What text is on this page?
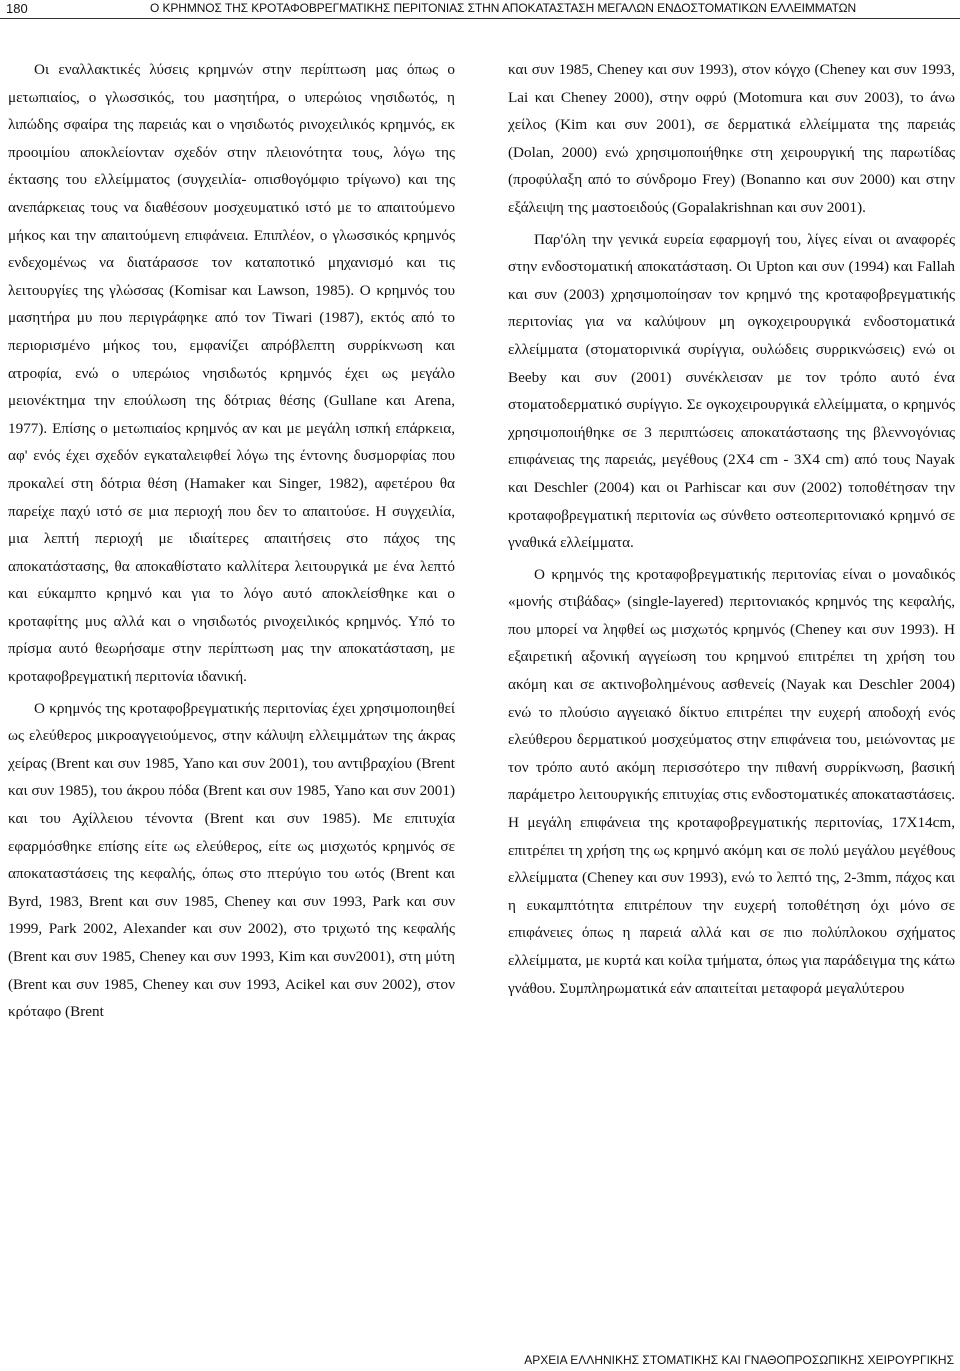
180	Ο ΚΡΗΜΝΟΣ ΤΗΣ ΚΡΟΤΑΦΟΒΡΕΓΜΑΤΙΚΗΣ ΠΕΡΙΤΟΝΙΑΣ ΣΤΗΝ ΑΠΟΚΑΤΑΣΤΑΣΗ ΜΕΓΑΛΩΝ ΕΝΔΟΣΤΟΜΑΤΙΚΩΝ ΕΛΛΕΙΜΜΑΤΩΝ

Οι εναλλακτικές λύσεις κρημνών στην περίπτωση μας όπως ο μετωπιαίος, ο γλωσσικός, του μασητήρα, ο υπερώιος νησιδωτός, η λιπώδης σφαίρα της παρειάς και ο νησιδωτός ρινοχειλικός κρημνός, εκ προοιμίου αποκλείονταν σχεδόν στην πλειονότητα τους, λόγω της έκτασης του ελλείμματος (συγχειλία- οπισθογόμφιο τρίγωνο) και της ανεπάρκειας τους να διαθέσουν μοσχευματικό ιστό με το απαιτούμενο μήκος και την απαιτούμενη επιφάνεια. Επιπλέον, ο γλωσσικός κρημνός ενδεχομένως να διατάρασσε τον καταποτικό μηχανισμό και τις λειτουργίες της γλώσσας (Komisar και Lawson, 1985). Ο κρημνός του μασητήρα μυ που περιγράφηκε από τον Tiwari (1987), εκτός από το περιορισμένο μήκος του, εμφανίζει απρόβλεπτη συρρίκνωση και ατροφία, ενώ ο υπερώιος νησιδωτός κρημνός έχει ως μεγάλο μειονέκτημα την επούλωση της δότριας θέσης (Gullane και Arena, 1977). Επίσης ο μετωπιαίος κρημνός αν και με μεγάλη ισπκή επάρκεια, αφ' ενός έχει σχεδόν εγκαταλειφθεί λόγω της έντονης δυσμορφίας που προκαλεί στη δότρια θέση (Hamaker και Singer, 1982), αφετέρου θα παρείχε παχύ ιστό σε μια περιοχή που δεν το απαιτούσε. Η συγχειλία, μια λεπτή περιοχή με ιδιαίτερες απαιτήσεις στο πάχος της αποκατάστασης, θα αποκαθίστατο καλλίτερα λειτουργικά με ένα λεπτό και εύκαμπτο κρημνό και για το λόγο αυτό αποκλείσθηκε και ο κροταφίτης μυς αλλά και ο νησιδωτός ρινοχειλικός κρημνός. Υπό το πρίσμα αυτό θεωρήσαμε στην περίπτωση μας την αποκατάσταση, με κροταφοβρεγματική περιτονία ιδανική.

Ο κρημνός της κροταφοβρεγματικής περιτονίας έχει χρησιμοποιηθεί ως ελεύθερος μικροαγγειούμενος, στην κάλυψη ελλειμμάτων της άκρας χείρας (Brent και συν 1985, Yano και συν 2001), του αντιβραχίου (Brent και συν 1985), του άκρου πόδα (Brent και συν 1985, Yano και συν 2001) και του Αχίλλειου τένοντα (Brent και συν 1985). Με επιτυχία εφαρμόσθηκε επίσης είτε ως ελεύθερος, είτε ως μισχωτός κρημνός σε αποκαταστάσεις της κεφαλής, όπως στο πτερύγιο του ωτός (Brent και Byrd, 1983, Brent και συν 1985, Cheney και συν 1993, Park και συν 1999, Park 2002, Alexander και συν 2002), στο τριχωτό της κεφαλής (Brent και συν 1985, Cheney και συν 1993, Kim και συν2001), στη μύτη (Brent και συν 1985, Cheney και συν 1993, Acikel και συν 2002), στον κρόταφο (Brent

και συν 1985, Cheney και συν 1993), στον κόγχο (Cheney και συν 1993, Lai και Cheney 2000), στην οφρύ (Motomura και συν 2003), το άνω χείλος (Kim και συν 2001), σε δερματικά ελλείμματα της παρειάς (Dolan, 2000) ενώ χρησιμοποιήθηκε στη χειρουργική της παρωτίδας (προφύλαξη από το σύνδρομο Frey) (Bonanno και συν 2000) και στην εξάλειψη της μαστοειδούς (Gopalakrishnan και συν 2001).

Παρ'όλη την γενικά ευρεία εφαρμογή του, λίγες είναι οι αναφορές στην ενδοστοματική αποκατάσταση. Οι Upton και συν (1994) και Fallah και συν (2003) χρησιμοποίησαν τον κρημνό της κροταφοβρεγματικής περιτονίας για να καλύψουν μη ογκοχειρουργικά ενδοστοματικά ελλείμματα (στοματορινικά συρίγγια, ουλώδεις συρρικνώσεις) ενώ οι Beeby και συν (2001) συνέκλεισαν με τον τρόπο αυτό ένα στοματοδερματικό συρίγγιο. Σε ογκοχειρουργικά ελλείμματα, ο κρημνός χρησιμοποιήθηκε σε 3 περιπτώσεις αποκατάστασης της βλεννογόνιας επιφάνειας της παρειάς, μεγέθους (2Χ4 cm - 3Χ4 cm) από τους Nayak και Deschler (2004) και οι Parhiscar και συν (2002) τοποθέτησαν την κροταφοβρεγματική περιτονία ως σύνθετο οστεοπεριτονιακό κρημνό σε γναθικά ελλείμματα.

Ο κρημνός της κροταφοβρεγματικής περιτονίας είναι ο μοναδικός «μονής στιβάδας» (single-layered) περιτονιακός κρημνός της κεφαλής, που μπορεί να ληφθεί ως μισχωτός κρημνός (Cheney και συν 1993). Η εξαιρετική αξονική αγγείωση του κρημνού επιτρέπει τη χρήση του ακόμη και σε ακτινοβολημένους ασθενείς (Nayak και Deschler 2004) ενώ το πλούσιο αγγειακό δίκτυο επιτρέπει την ευχερή αποδοχή ενός ελεύθερου δερματικού μοσχεύματος στην επιφάνεια του, μειώνοντας με τον τρόπο αυτό ακόμη περισσότερο την πιθανή συρρίκνωση, βασική παράμετρο λειτουργικής επιτυχίας στις ενδοστοματικές αποκαταστάσεις. Η μεγάλη επιφάνεια της κροταφοβρεγματικής περιτονίας, 17X14cm, επιτρέπει τη χρήση της ως κρημνό ακόμη και σε πολύ μεγάλου μεγέθους ελλείμματα (Cheney και συν 1993), ενώ το λεπτό της, 2-3mm, πάχος και η ευκαμπτότητα επιτρέπουν την ευχερή τοποθέτηση όχι μόνο σε επιφάνειες όπως η παρειά αλλά και σε πιο πολύπλοκου σχήματος ελλείμματα, με κυρτά και κοίλα τμήματα, όπως για παράδειγμα της κάτω γνάθου. Συμπληρωματικά εάν απαιτείται μεταφορά μεγαλύτερου

ΑΡΧΕΙΑ ΕΛΛΗΝΙΚΗΣ ΣΤΟΜΑΤΙΚΗΣ ΚΑΙ ΓΝΑΘΟΠΡΟΣΩΠΙΚΗΣ ΧΕΙΡΟΥΡΓΙΚΗΣ
